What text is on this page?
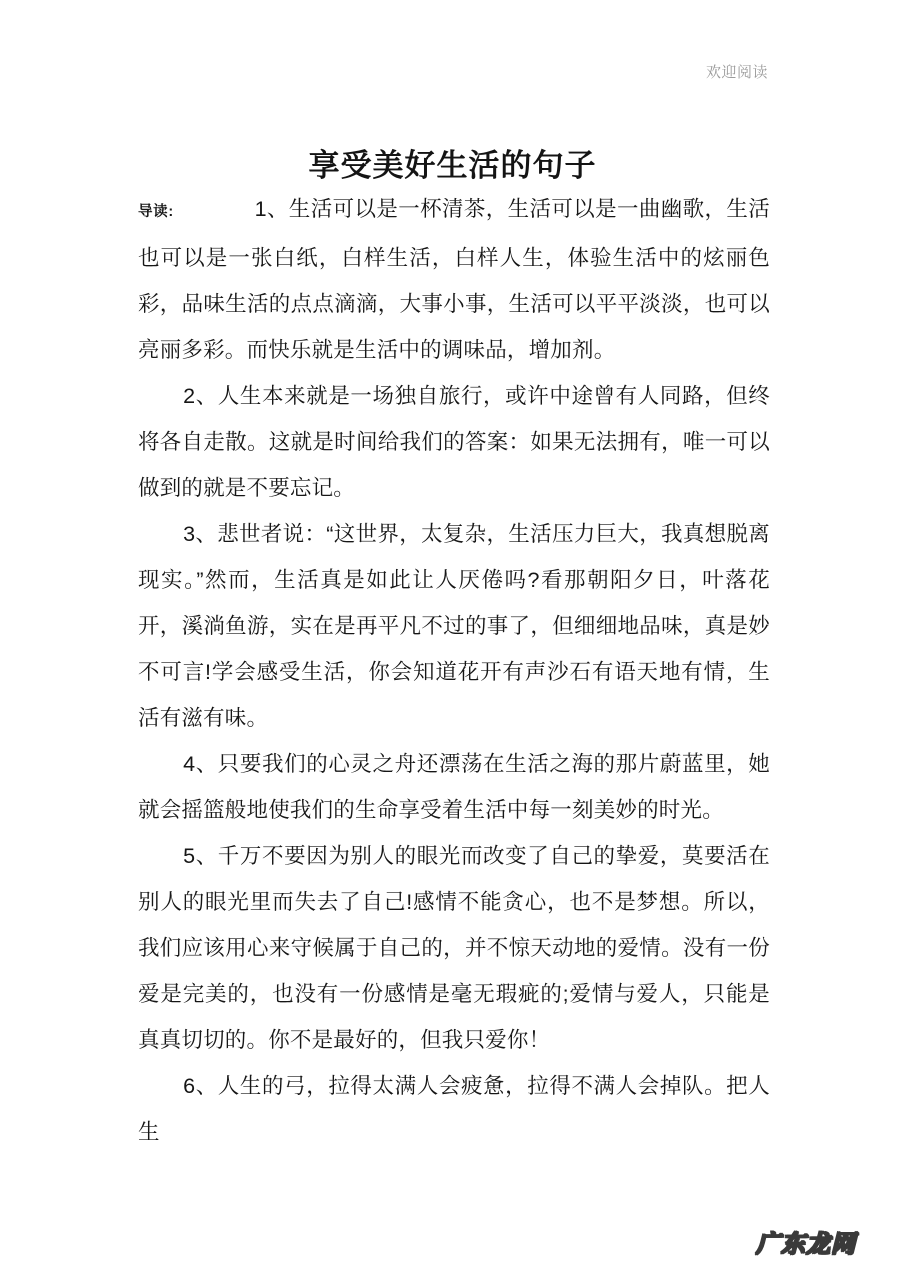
欢迎阅读
享受美好生活的句子

导读:	1、生活可以是一杯清茶，生活可以是一曲幽歌，生活也可以是一张白纸，白样生活，白样人生，体验生活中的炫丽色彩，品味生活的点点滴滴，大事小事，生活可以平平淡淡，也可以亮丽多彩。而快乐就是生活中的调味品，增加剂。

2、人生本来就是一场独自旅行，或许中途曾有人同路，但终将各自走散。这就是时间给我们的答案：如果无法拥有，唯一可以做到的就是不要忘记。

3、悲世者说：“这世界，太复杂，生活压力巨大，我真想脱离现实。”然而，生活真是如此让人厌倦吗?看那朝阳夕日，叶落花开，溪淌鱼游，实在是再平凡不过的事了，但细细地品味，真是妙不可言!学会感受生活，你会知道花开有声沙石有语天地有情，生活有滋有味。

4、只要我们的心灵之舟还漂荡在生活之海的那片蔚蓝里，她就会摇篮般地使我们的生命享受着生活中每一刻美妙的时光。

5、千万不要因为别人的眼光而改变了自己的挚爱，莫要活在别人的眼光里而失去了自己!感情不能贪心，也不是梦想。所以，我们应该用心来守候属于自己的，并不惊天动地的爱情。没有一份爱是完美的，也没有一份感情是毫无瑕疵的;爱情与爱人，只能是真真切切的。你不是最好的，但我只爱你！

6、人生的弓，拉得太满人会疲惫，拉得不满人会掉队。把人生

广东龙网
